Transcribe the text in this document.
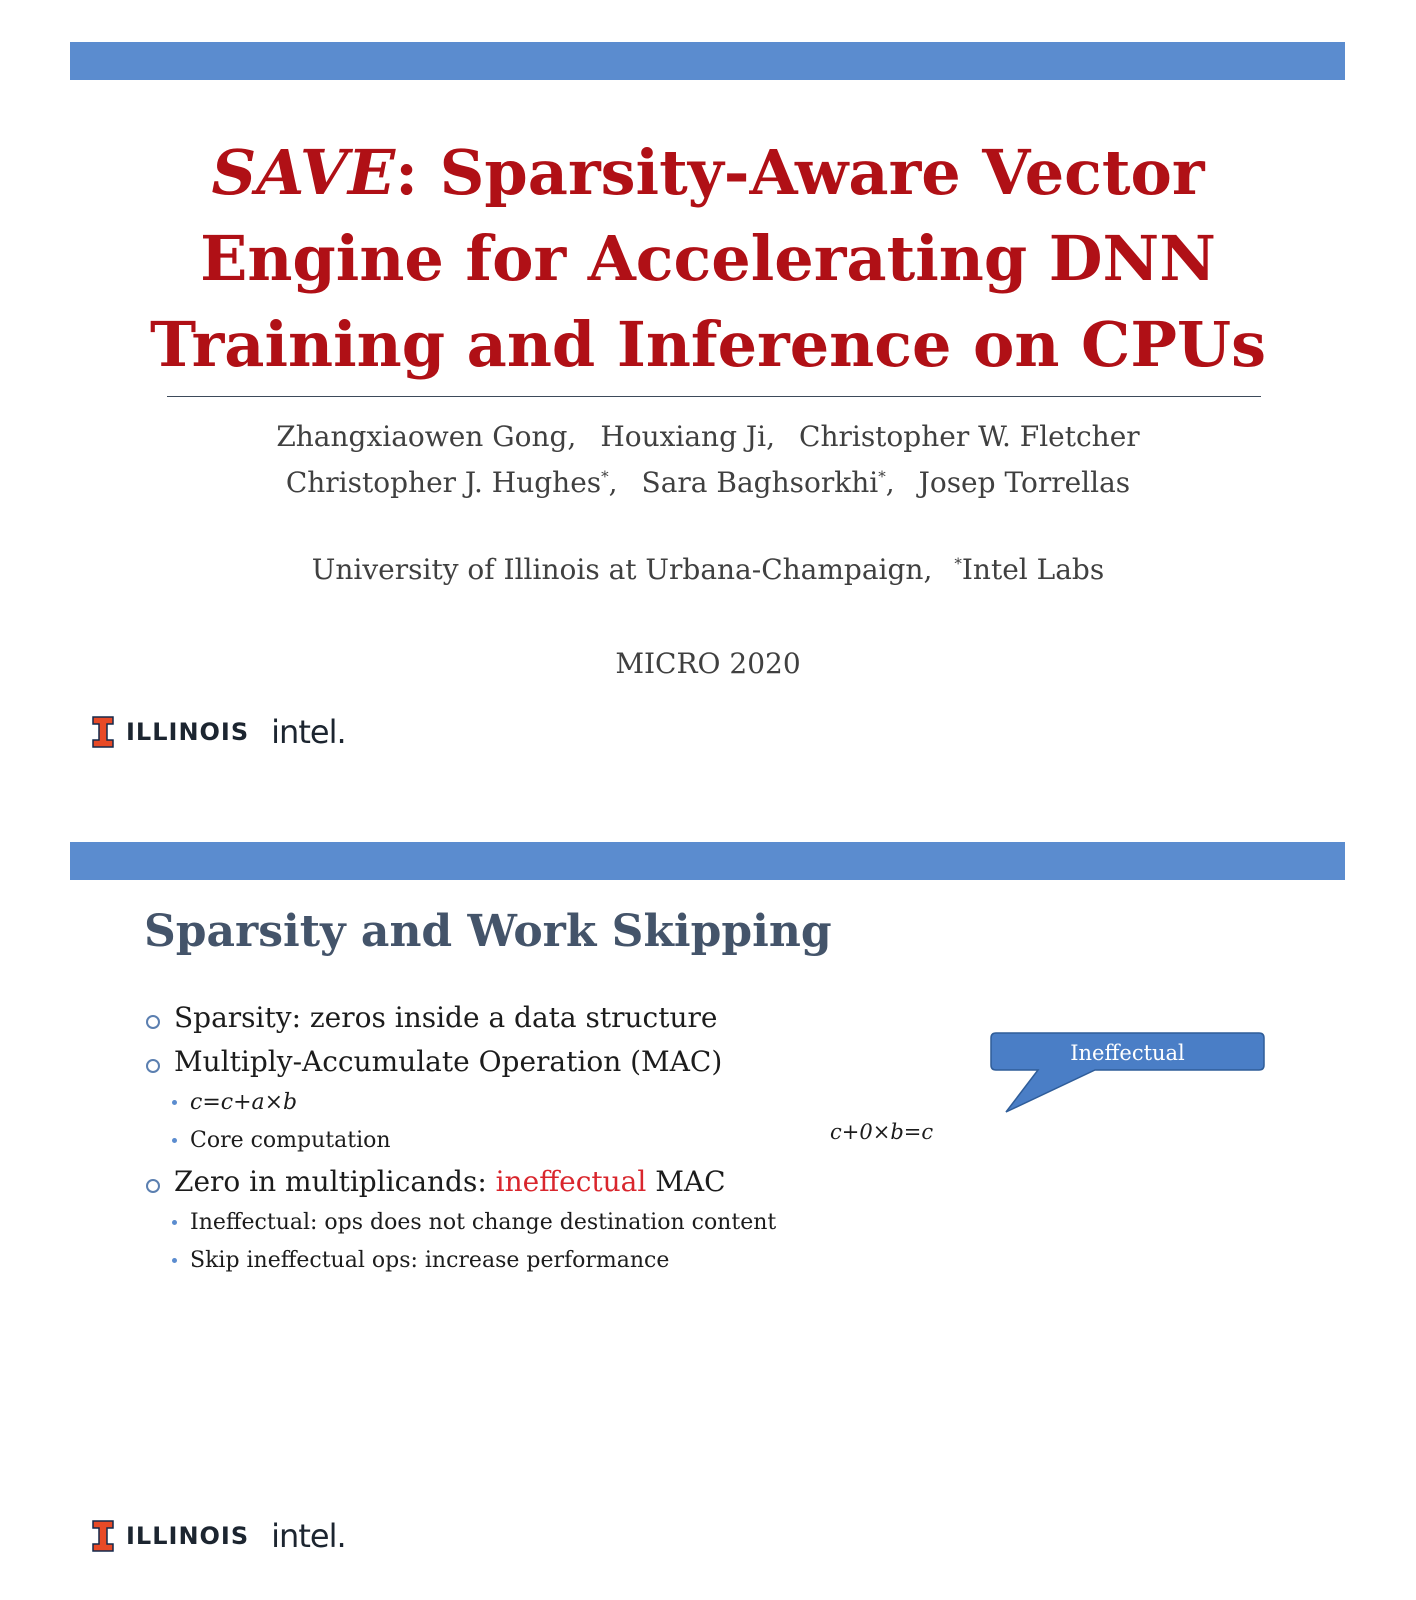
SAVE: Sparsity-Aware Vector Engine for Accelerating DNN Training and Inference on CPUs
Zhangxiaowen Gong, Houxiang Ji, Christopher W. Fletcher
Christopher J. Hughes*, Sara Baghsorkhi*, Josep Torrellas
University of Illinois at Urbana-Champaign, *Intel Labs
MICRO 2020
ILLINOIS intel.
Sparsity and Work Skipping
Sparsity: zeros inside a data structure
Multiply-Accumulate Operation (MAC)
c=c+a×b
Core computation
Zero in multiplicands: ineffectual MAC
Ineffectual: ops does not change destination content
Skip ineffectual ops: increase performance
c+0×b=c
Ineffectual
ILLINOIS intel.
